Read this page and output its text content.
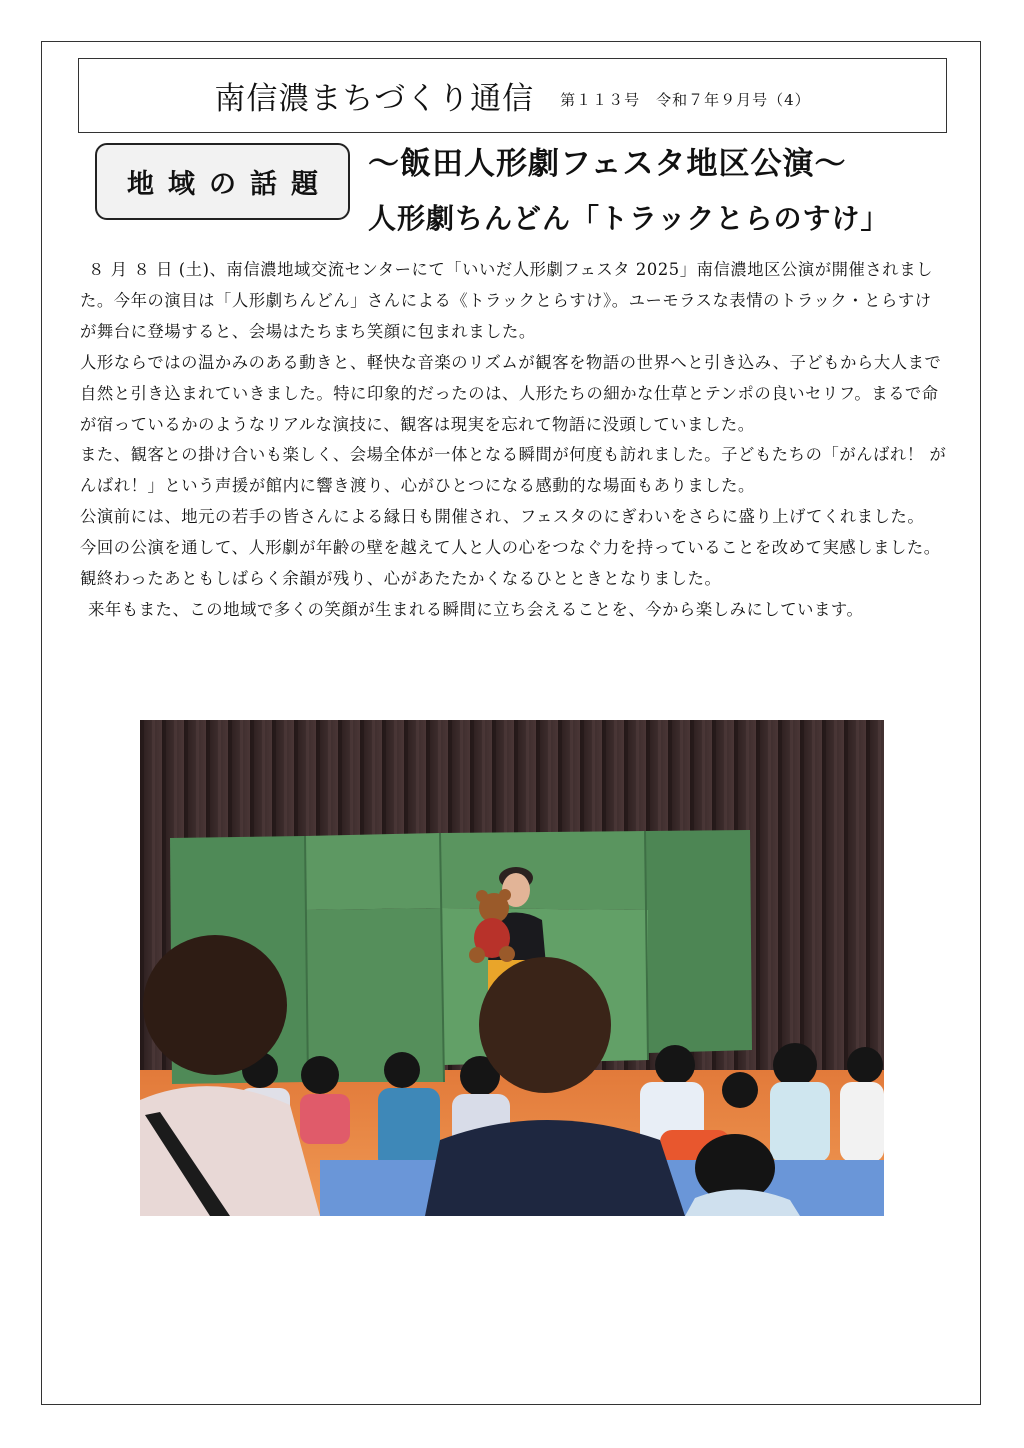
南信濃まちづくり通信 第１１３号　令和７年９月号（4）
地域の話題
～飯田人形劇フェスタ地区公演～
人形劇ちんどん「トラックとらのすけ」

８ 月 ８ 日 (土)、南信濃地域交流センターにて「いいだ人形劇フェスタ 2025」南信濃地区公演が開催されました。今年の演目は「人形劇ちんどん」さんによる《トラックとらすけ》。ユーモラスな表情のトラック・とらすけが舞台に登場すると、会場はたちまち笑顔に包まれました。

人形ならではの温かみのある動きと、軽快な音楽のリズムが観客を物語の世界へと引き込み、子どもから大人まで自然と引き込まれていきました。特に印象的だったのは、人形たちの細かな仕草とテンポの良いセリフ。まるで命が宿っているかのようなリアルな演技に、観客は現実を忘れて物語に没頭していました。

また、観客との掛け合いも楽しく、会場全体が一体となる瞬間が何度も訪れました。子どもたちの「がんばれ！ がんばれ！」という声援が館内に響き渡り、心がひとつになる感動的な場面もありました。

公演前には、地元の若手の皆さんによる縁日も開催され、フェスタのにぎわいをさらに盛り上げてくれました。

今回の公演を通して、人形劇が年齢の壁を越えて人と人の心をつなぐ力を持っていることを改めて実感しました。観終わったあともしばらく余韻が残り、心があたたかくなるひとときとなりました。

来年もまた、この地域で多くの笑顔が生まれる瞬間に立ち会えることを、今から楽しみにしています。
